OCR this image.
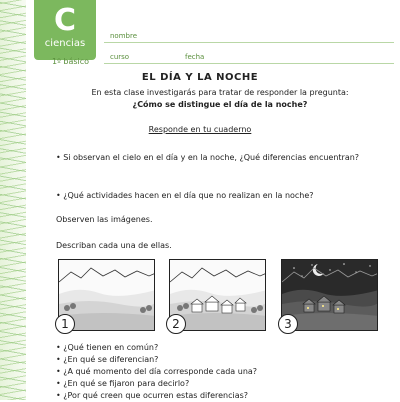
C
ciencias
1º básico
nombre
curso	fecha
EL DÍA Y LA NOCHE
En esta clase investigarás para tratar de responder la pregunta:
¿Cómo se distingue el día de la noche?
Responde en tu cuaderno
• Si observan el cielo en el día y en la noche, ¿Qué diferencias encuentran?
• ¿Qué actividades hacen en el día que no realizan en la noche?
Observen las imágenes.
Describan cada una de ellas.
1	2	3
• ¿Qué tienen en común?
• ¿En qué se diferencian?
• ¿A qué momento del día corresponde cada una?
• ¿En qué se fijaron para decirlo?
• ¿Por qué creen que ocurren estas diferencias?
